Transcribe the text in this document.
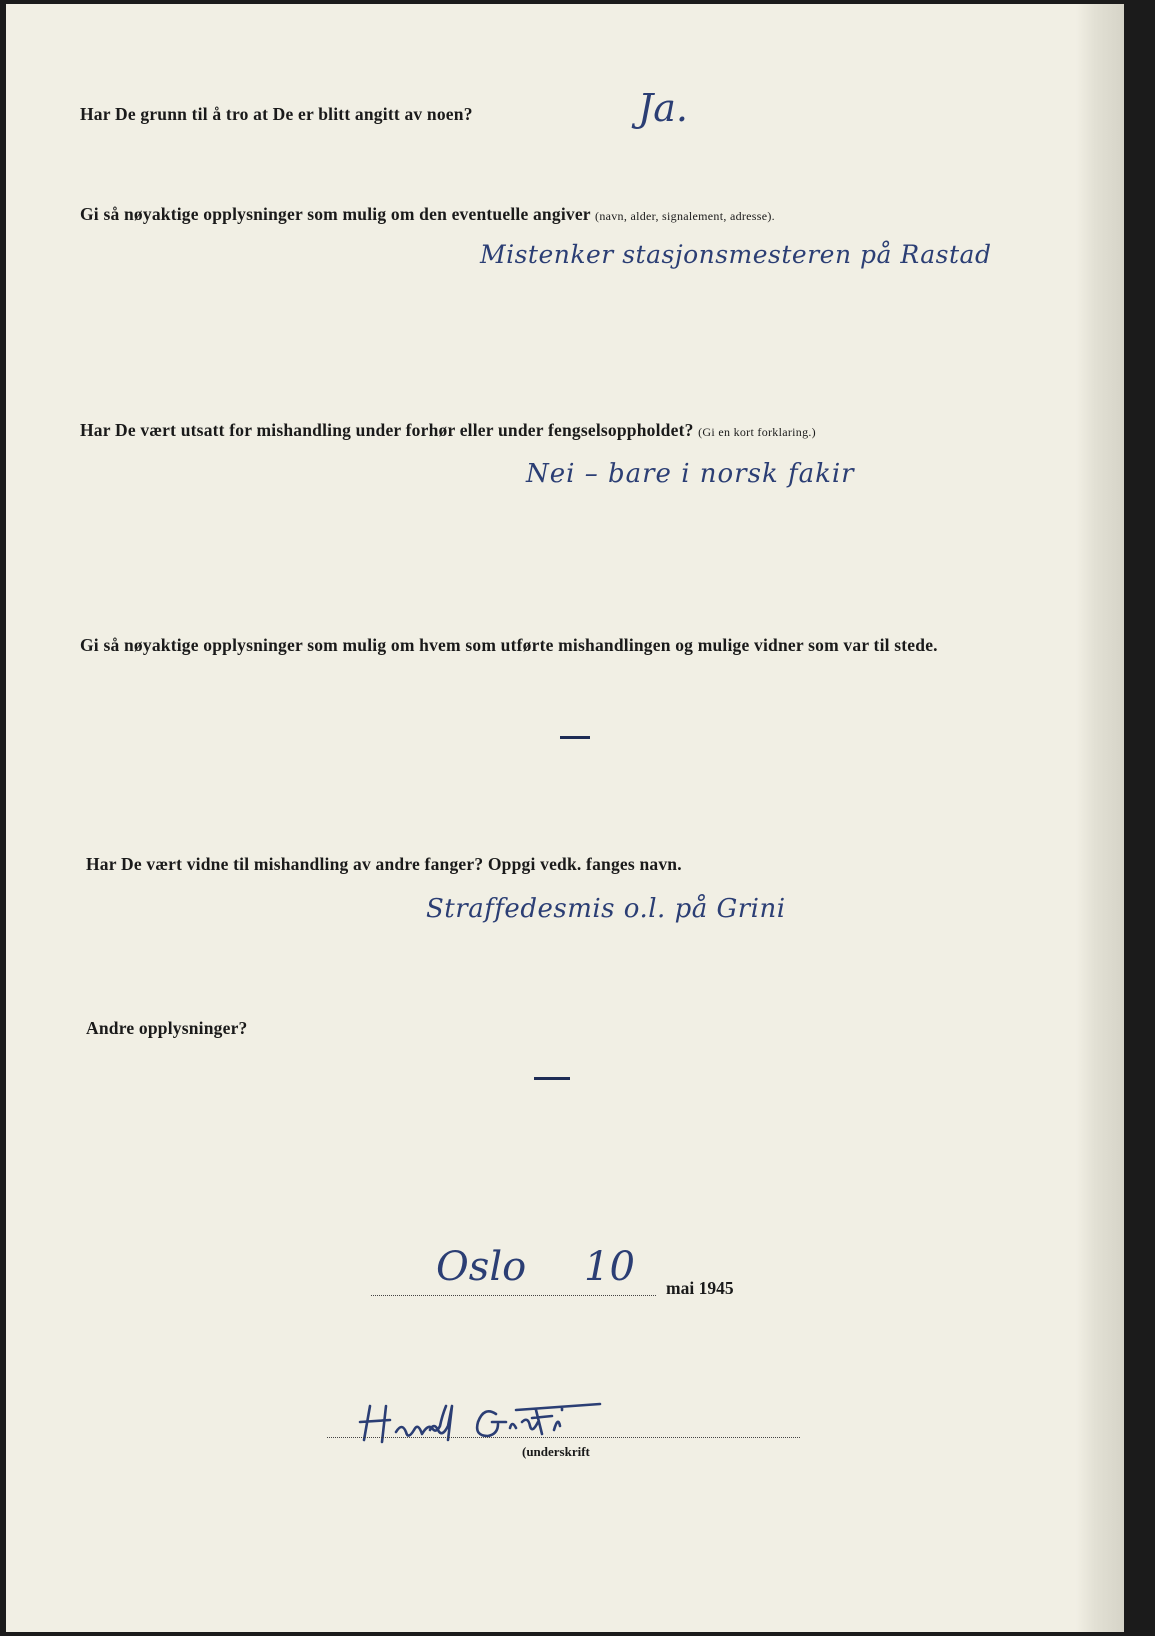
Har De grunn til å tro at De er blitt angitt av noen?	Ja.
Gi så nøyaktige opplysninger som mulig om den eventuelle angiver (navn, alder, signalement, adresse).
Mistenker stasjonsmesteren på Rastad
Har De vært utsatt for mishandling under forhør eller under fengselsoppholdet? (Gi en kort forklaring.)
Nei – bare i norsk fakir
Gi så nøyaktige opplysninger som mulig om hvem som utførte mishandlingen og mulige vidner som var til stede.
Har De vært vidne til mishandling av andre fanger? Oppgi vedk. fanges navn.
Straffedesmis o.l. på Grini
Andre opplysninger?
Oslo 10 mai 1945
(underskrift
